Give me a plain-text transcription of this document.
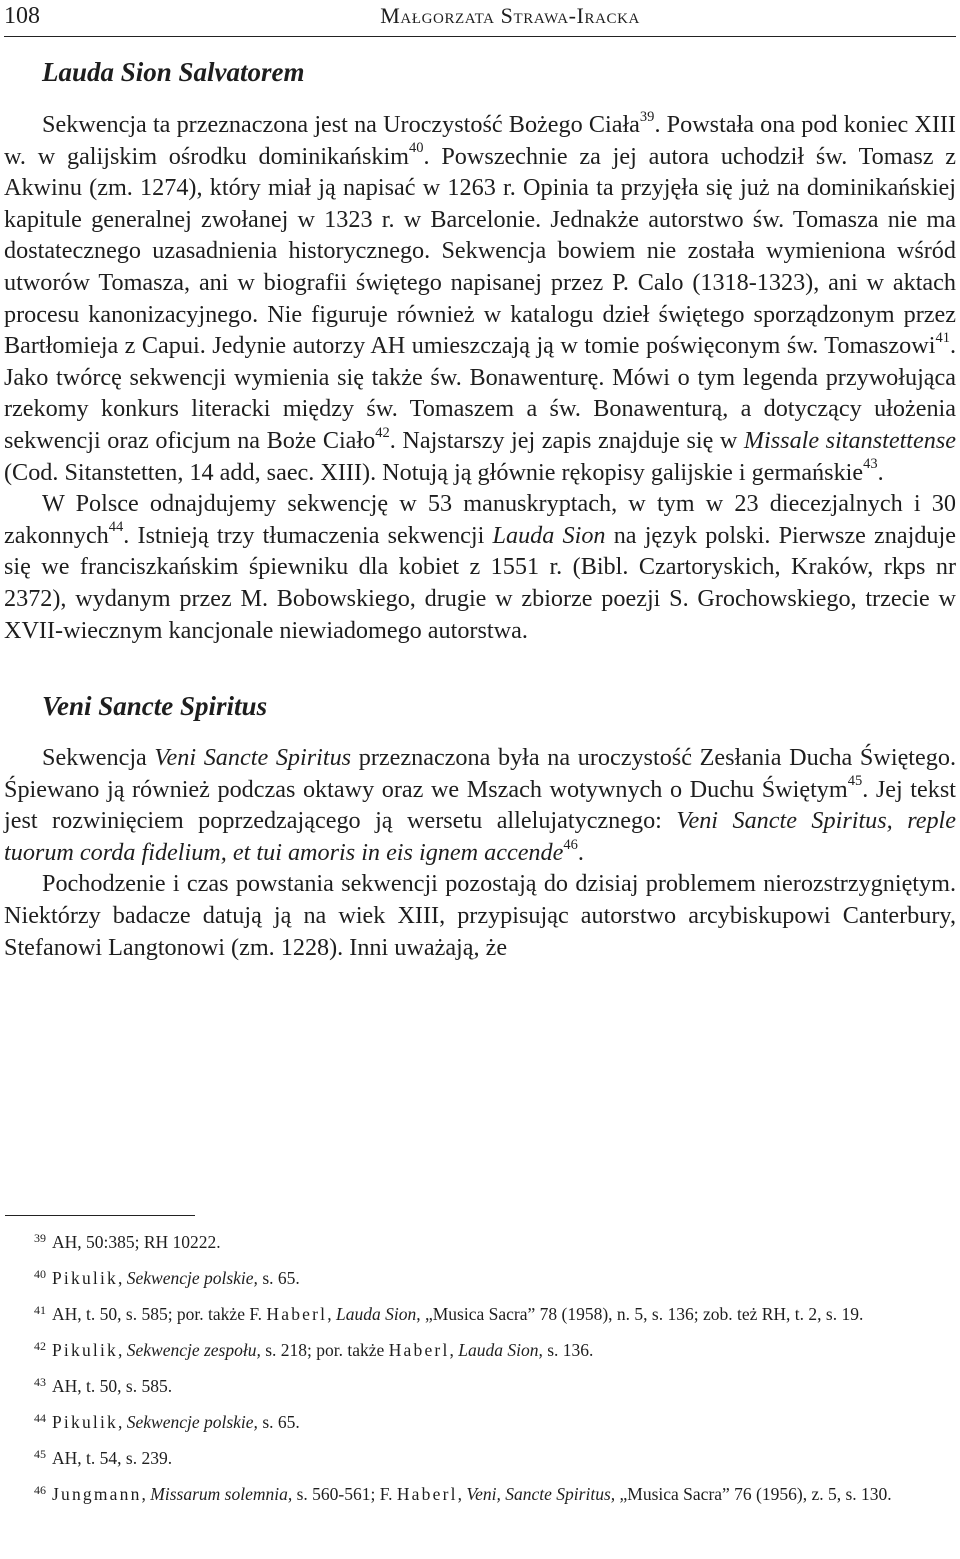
108	Małgorzata Strawa-Iracka
Lauda Sion Salvatorem

Sekwencja ta przeznaczona jest na Uroczystość Bożego Ciała$^{39}$. Powstała ona pod koniec XIII w. w galijskim ośrodku dominikańskim$^{40}$. Powszechnie za jej autora uchodził św. Tomasz z Akwinu (zm. 1274), który miał ją napisać w 1263 r. Opinia ta przyjęła się już na dominikańskiej kapitule generalnej zwołanej w 1323 r. w Barcelonie. Jednakże autorstwo św. Tomasza nie ma dostatecznego uzasadnienia historycznego. Sekwencja bowiem nie została wymieniona wśród utworów Tomasza, ani w biografii świętego napisanej przez P. Calo (1318-1323), ani w aktach procesu kanonizacyjnego. Nie figuruje również w katalogu dzieł świętego sporządzonym przez Bartłomieja z Capui. Jedynie autorzy AH umieszczają ją w tomie poświęconym św. Tomaszowi$^{41}$. Jako twórcę sekwencji wymienia się także św. Bonawenturę. Mówi o tym legenda przywołująca rzekomy konkurs literacki między św. Tomaszem a św. Bonawenturą, a dotyczący ułożenia sekwencji oraz oficjum na Boże Ciało$^{42}$. Najstarszy jej zapis znajduje się w Missale sitanstettense (Cod. Sitanstetten, 14 add, saec. XIII). Notują ją głównie rękopisy galijskie i germańskie$^{43}$.

W Polsce odnajdujemy sekwencję w 53 manuskryptach, w tym w 23 diecezjalnych i 30 zakonnych$^{44}$. Istnieją trzy tłumaczenia sekwencji Lauda Sion na język polski. Pierwsze znajduje się we franciszkańskim śpiewniku dla kobiet z 1551 r. (Bibl. Czartoryskich, Kraków, rkps nr 2372), wydanym przez M. Bobowskiego, drugie w zbiorze poezji S. Grochowskiego, trzecie w XVII-wiecznym kancjonale niewiadomego autorstwa.

Veni Sancte Spiritus

Sekwencja Veni Sancte Spiritus przeznaczona była na uroczystość Zesłania Ducha Świętego. Śpiewano ją również podczas oktawy oraz we Mszach wotywnych o Duchu Świętym$^{45}$. Jej tekst jest rozwinięciem poprzedzającego ją wersetu allelujatycznego: Veni Sancte Spiritus, reple tuorum corda fidelium, et tui amoris in eis ignem accende$^{46}$.

Pochodzenie i czas powstania sekwencji pozostają do dzisiaj problemem nierozstrzygniętym. Niektórzy badacze datują ją na wiek XIII, przypisując autorstwo arcybiskupowi Canterbury, Stefanowi Langtonowi (zm. 1228). Inni uważają, że

$^{39}$ AH, 50:385; RH 10222.

$^{40}$ Pikulik, Sekwencje polskie, s. 65.

$^{41}$ AH, t. 50, s. 585; por. także F. Haberl, Lauda Sion, „Musica Sacra” 78 (1958), n. 5, s. 136; zob. też RH, t. 2, s. 19.

$^{42}$ Pikulik, Sekwencje zespołu, s. 218; por. także Haberl, Lauda Sion, s. 136.

$^{43}$ AH, t. 50, s. 585.

$^{44}$ Pikulik, Sekwencje polskie, s. 65.

$^{45}$ AH, t. 54, s. 239.

$^{46}$ Jungmann, Missarum solemnia, s. 560-561; F. Haberl, Veni, Sancte Spiritus, „Musica Sacra” 76 (1956), z. 5, s. 130.
